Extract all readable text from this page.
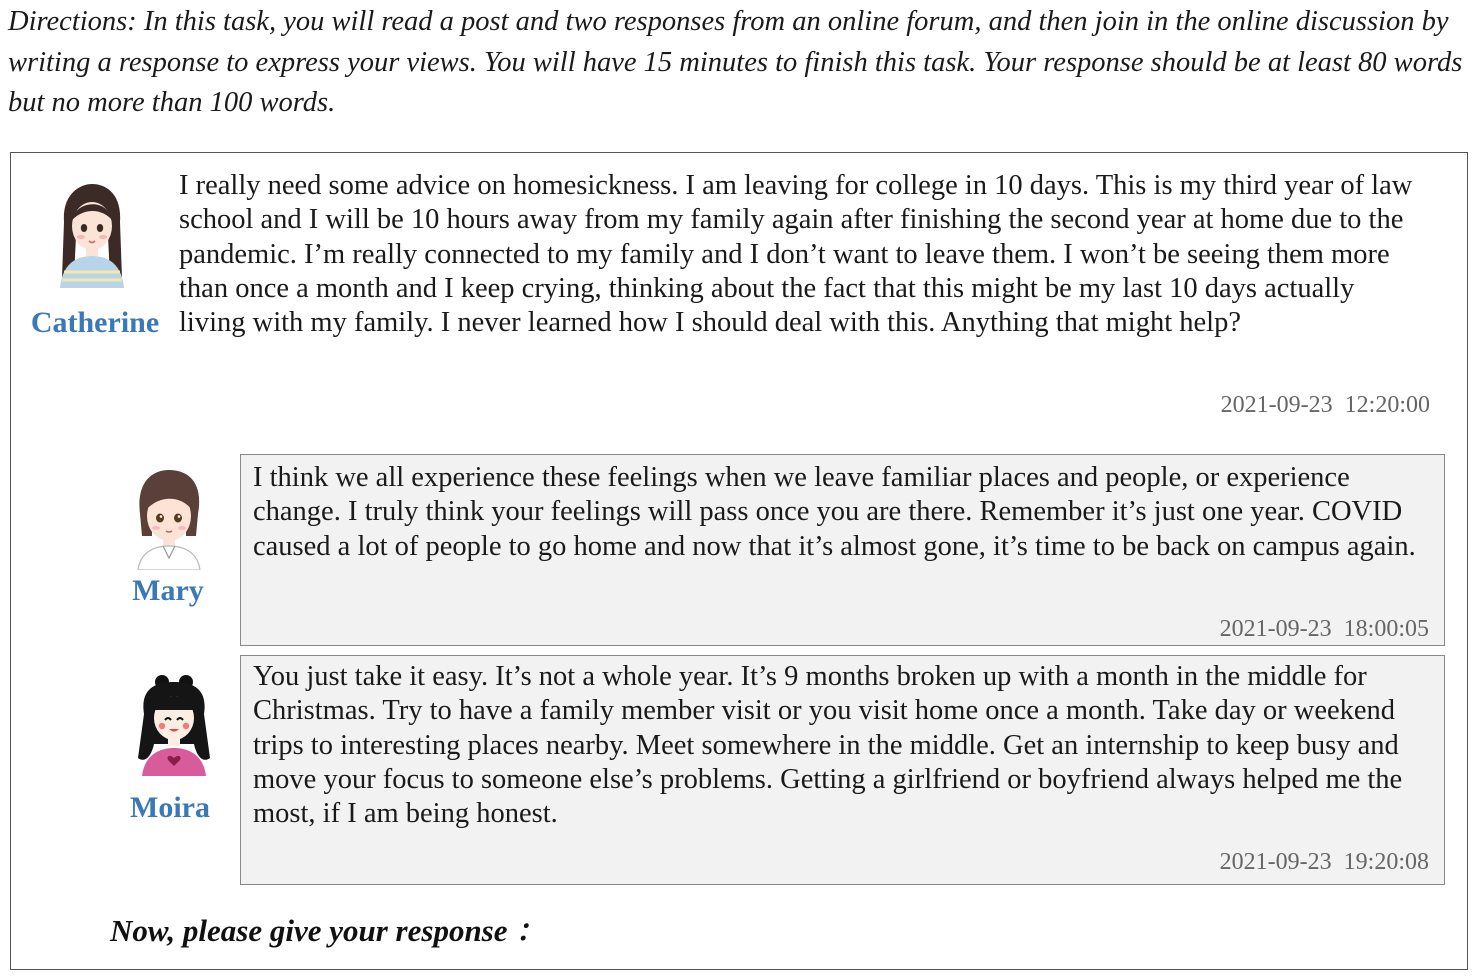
Directions: In this task, you will read a post and two responses from an online forum, and then join in the online discussion by writing a response to express your views. You will have 15 minutes to finish this task. Your response should be at least 80 words but no more than 100 words.
Catherine
I really need some advice on homesickness. I am leaving for college in 10 days. This is my third year of law school and I will be 10 hours away from my family again after finishing the second year at home due to the pandemic. I’m really connected to my family and I don’t want to leave them. I won’t be seeing them more than once a month and I keep crying, thinking about the fact that this might be my last 10 days actually living with my family. I never learned how I should deal with this. Anything that might help?
2021-09-23 12:20:00
Mary
I think we all experience these feelings when we leave familiar places and people, or experience change. I truly think your feelings will pass once you are there. Remember it’s just one year. COVID caused a lot of people to go home and now that it’s almost gone, it’s time to be back on campus again.
2021-09-23 18:00:05
Moira
You just take it easy. It’s not a whole year. It’s 9 months broken up with a month in the middle for Christmas. Try to have a family member visit or you visit home once a month. Take day or weekend trips to interesting places nearby. Meet somewhere in the middle. Get an internship to keep busy and move your focus to someone else’s problems. Getting a girlfriend or boyfriend always helped me the most, if I am being honest.
2021-09-23 19:20:08
Now, please give your response ：
